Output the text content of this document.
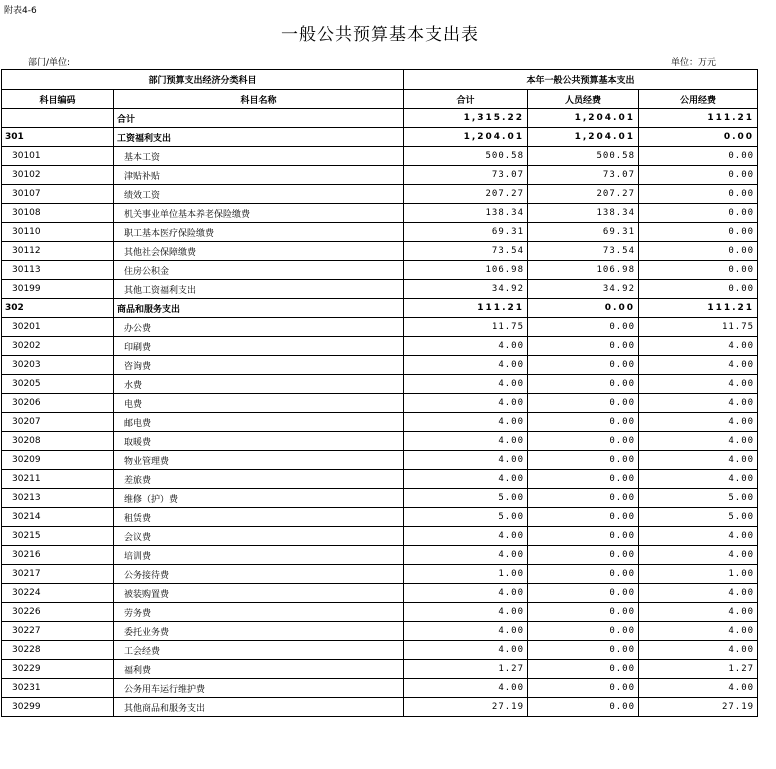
附表4-6
一般公共预算基本支出表
部门/单位:	单位：万元
部门预算支出经济分类科目		本年一般公共预算基本支出		
科目编码	科目名称	合计	人员经费	公用经费
	合计	1,315.22	1,204.01	111.21
301	工资福利支出	1,204.01	1,204.01	0.00
30101	基本工资	500.58	500.58	0.00
30102	津贴补贴	73.07	73.07	0.00
30107	绩效工资	207.27	207.27	0.00
30108	机关事业单位基本养老保险缴费	138.34	138.34	0.00
30110	职工基本医疗保险缴费	69.31	69.31	0.00
30112	其他社会保障缴费	73.54	73.54	0.00
30113	住房公积金	106.98	106.98	0.00
30199	其他工资福利支出	34.92	34.92	0.00
302	商品和服务支出	111.21	0.00	111.21
30201	办公费	11.75	0.00	11.75
30202	印刷费	4.00	0.00	4.00
30203	咨询费	4.00	0.00	4.00
30205	水费	4.00	0.00	4.00
30206	电费	4.00	0.00	4.00
30207	邮电费	4.00	0.00	4.00
30208	取暖费	4.00	0.00	4.00
30209	物业管理费	4.00	0.00	4.00
30211	差旅费	4.00	0.00	4.00
30213	维修（护）费	5.00	0.00	5.00
30214	租赁费	5.00	0.00	5.00
30215	会议费	4.00	0.00	4.00
30216	培训费	4.00	0.00	4.00
30217	公务接待费	1.00	0.00	1.00
30224	被装购置费	4.00	0.00	4.00
30226	劳务费	4.00	0.00	4.00
30227	委托业务费	4.00	0.00	4.00
30228	工会经费	4.00	0.00	4.00
30229	福利费	1.27	0.00	1.27
30231	公务用车运行维护费	4.00	0.00	4.00
30299	其他商品和服务支出	27.19	0.00	27.19
